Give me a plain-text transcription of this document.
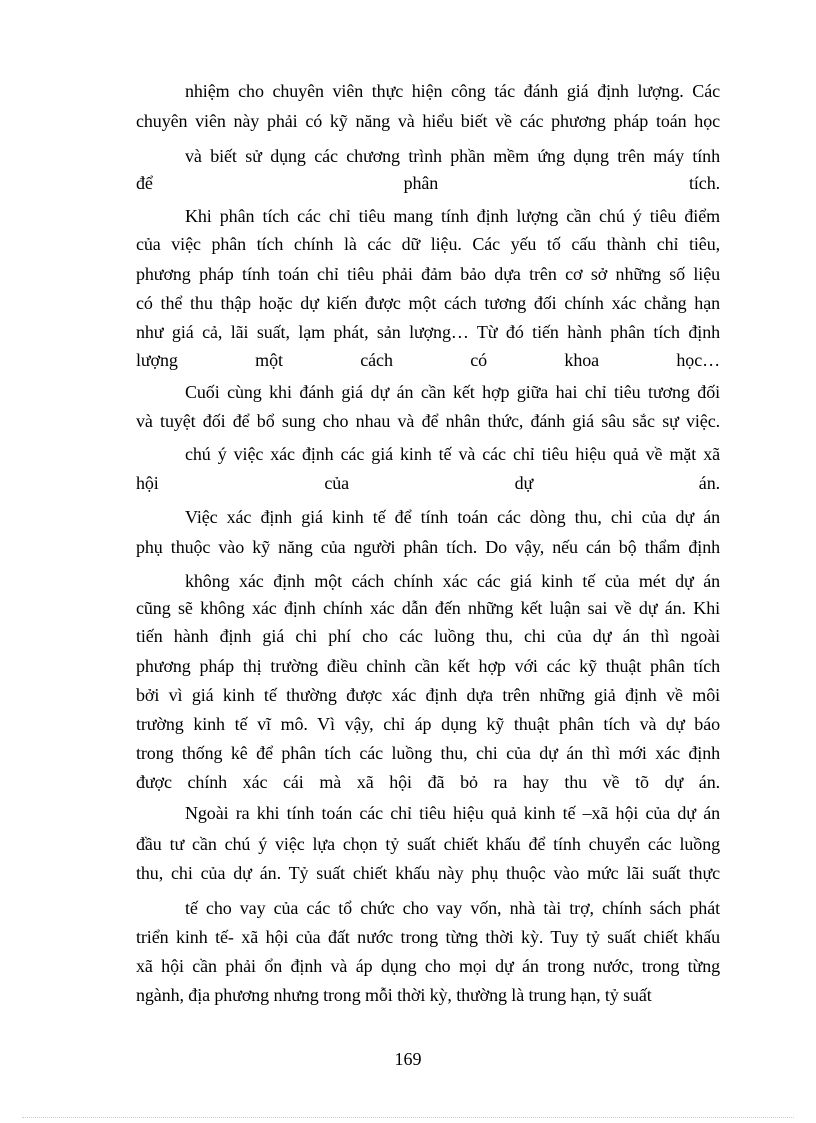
nhiệm cho chuyên viên thực hiện công tác đánh giá định lượng. Các
chuyên viên này phải có kỹ năng và hiểu biết về các phương pháp toán học
và biết sử dụng các chương trình phần mềm ứng dụng trên máy tính
để phân tích.
Khi phân tích các chỉ tiêu mang tính định lượng cần chú ý tiêu điểm
của việc phân tích chính là các dữ liệu. Các yếu tố cấu thành chỉ tiêu,
phương pháp tính toán chỉ tiêu phải đảm bảo dựa trên cơ sở những số liệu
có thể thu thập hoặc dự kiến được một cách tương đối chính xác chẳng hạn
như giá cả, lãi suất, lạm phát, sản lượng… Từ đó tiến hành phân tích định
lượng một cách có khoa học…
Cuối cùng khi đánh giá dự án cần kết hợp giữa hai chỉ tiêu tương đối
và tuyệt đối để bổ sung cho nhau và để nhân thức, đánh giá sâu sắc sự việc.
chú ý việc xác định các giá kinh tế và các chỉ tiêu hiệu quả về mặt xã
hội của dự án.
Việc xác định giá kinh tế để tính toán các dòng thu, chi của dự án
phụ thuộc vào kỹ năng của người phân tích. Do vậy, nếu cán bộ thẩm định
không xác định một cách chính xác các giá kinh tế của mét dự án
cũng sẽ không xác định chính xác dẫn đến những kết luận sai về dự án. Khi
tiến hành định giá chi phí cho các luồng thu, chi của dự án thì ngoài
phương pháp thị trường điều chỉnh cần kết hợp với các kỹ thuật phân tích
bởi vì giá kinh tế thường được xác định dựa trên những giả định về môi
trường kinh tế vĩ mô. Vì vậy, chỉ áp dụng kỹ thuật phân tích và dự báo
trong thống kê để phân tích các luồng thu, chi của dự án thì mới xác định
được chính xác cái mà xã hội đã bỏ ra hay thu về tõ dự án.
Ngoài ra khi tính toán các chỉ tiêu hiệu quả kinh tế –xã hội của dự án
đầu tư cần chú ý việc lựa chọn tỷ suất chiết khấu để tính chuyển các luồng
thu, chi của dự án. Tỷ suất chiết khấu này phụ thuộc vào mức lãi suất thực
tế cho vay của các tổ chức cho vay vốn, nhà tài trợ, chính sách phát
triển kinh tế- xã hội của đất nước trong từng thời kỳ. Tuy tỷ suất chiết khấu
xã hội cần phải ổn định và áp dụng cho mọi dự án trong nước, trong từng
ngành, địa phương nhưng trong mỗi thời kỳ, thường là trung hạn, tỷ suất
169
